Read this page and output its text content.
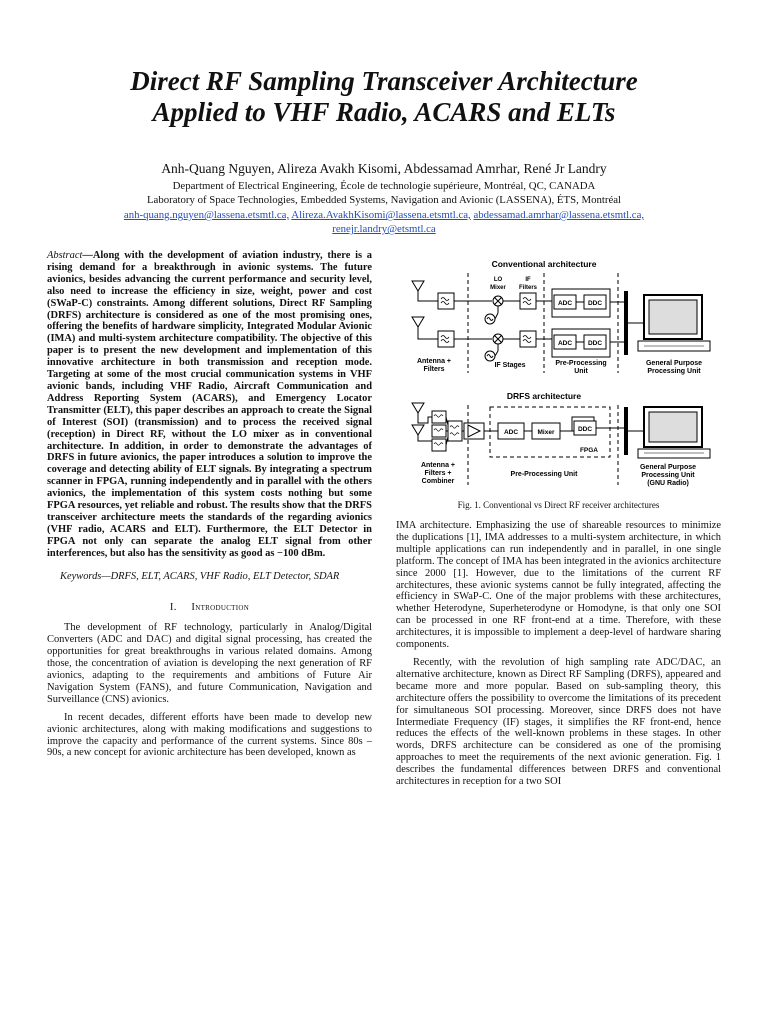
Direct RF Sampling Transceiver Architecture
Applied to VHF Radio, ACARS and ELTs
Anh-Quang Nguyen, Alireza Avakh Kisomi, Abdessamad Amrhar, René Jr Landry
Department of Electrical Engineering, École de technologie supérieure, Montréal, QC, CANADA
Laboratory of Space Technologies, Embedded Systems, Navigation and Avionic (LASSENA), ÉTS, Montréal
anh-quang.nguyen@lassena.etsmtl.ca, Alireza.AvakhKisomi@lassena.etsmtl.ca, abdessamad.amrhar@lassena.etsmtl.ca,
renejr.landry@etsmtl.ca
Abstract—Along with the development of aviation industry, there is a rising demand for a breakthrough in avionic systems. The future avionics, besides advancing the current performance and security level, also need to increase the efficiency in size, weight, power and cost (SWaP-C) constraints. Among different solutions, Direct RF Sampling (DRFS) architecture is considered as one of the most promising ones, offering the benefits of hardware simplicity, Integrated Modular Avionic (IMA) and multi-system architecture compatibility. The objective of this paper is to present the new development and implementation of this innovative architecture in both transmission and reception mode. Targeting at some of the most crucial communication systems in VHF avionic bands, including VHF Radio, Aircraft Communication and Address Reporting System (ACARS), and Emergency Locator Transmitter (ELT), this paper describes an approach to create the Signal of Interest (SOI) (transmission) and to process the received signal (reception) in Direct RF, without the LO mixer as in conventional architecture. In addition, in order to demonstrate the advantages of DRFS in future avionics, the paper introduces a solution to improve the coverage and detecting ability of ELT signals. By integrating a spectrum scanner in FPGA, running independently and in parallel with the others avionics, the implementation of this system costs nothing but some FPGA resources, yet reliable and robust. The results show that the DRFS transceiver architecture meets the standards of the regarding avionics (VHF radio, ACARS and ELT). Furthermore, the ELT Detector in FPGA not only can separate the analog ELT signal from other interferences, but also has the sensitivity as good as −100 dBm.
Keywords—DRFS, ELT, ACARS, VHF Radio, ELT Detector, SDAR
I. Introduction

The development of RF technology, particularly in Analog/Digital Converters (ADC and DAC) and digital signal processing, has created the opportunities for great breakthroughs in various related domains. Among those, the concentration of aviation is developing the next generation of RF avionics, adapting to the requirements and ambitions of Future Air Navigation System (FANS), and future Communication, Navigation and Surveillance (CNS) avionics.

In recent decades, different efforts have been made to develop new avionic architectures, along with making modifications and suggestions to improve the capacity and performance of the current systems. Since 80s – 90s, a new concept for avionic architecture has been developed, known as

Conventional architecture
LO
Mixer
IF
Filters
ADC DDC
ADC DDC
Antenna +
Filters
IF Stages	Pre-Processing
Unit
General Purpose
Processing Unit
DRFS architecture
ADC	Mixer	DDC
FPGA
Antenna +
Filters +
Combiner
Pre-Processing Unit
General Purpose
Processing Unit
(GNU Radio)
Fig. 1. Conventional vs Direct RF receiver architectures

IMA architecture. Emphasizing the use of shareable resources to minimize the duplications [1], IMA addresses to a multi-system architecture, in which multiple applications can run independently and in parallel, in one single platform. The concept of IMA has been integrated in the avionics architecture since 2000 [1]. However, due to the limitations of the current RF architectures, these avionic systems cannot be fully integrated, affecting the efficiency in SWaP-C. One of the major problems with these architectures, whether Heterodyne, Superheterodyne or Homodyne, is that only one SOI can be processed in one RF front-end at a time. Therefore, with these architectures, it is impossible to implement a deep-level of hardware sharing components.

Recently, with the revolution of high sampling rate ADC/DAC, an alternative architecture, known as Direct RF Sampling (DRFS), appeared and became more and more popular. Based on sub-sampling theory, this architecture offers the possibility to overcome the limitations of its precedent for simultaneous SOI processing. Moreover, since DRFS does not have Intermediate Frequency (IF) stages, it simplifies the RF front-end, hence reduces the effects of the well-known problems in these stages. In other words, DRFS architecture can be considered as one of the promising approaches to meet the requirements of the next avionic generation. Fig. 1 describes the fundamental differences between DRFS and conventional architectures in reception for a two SOI
